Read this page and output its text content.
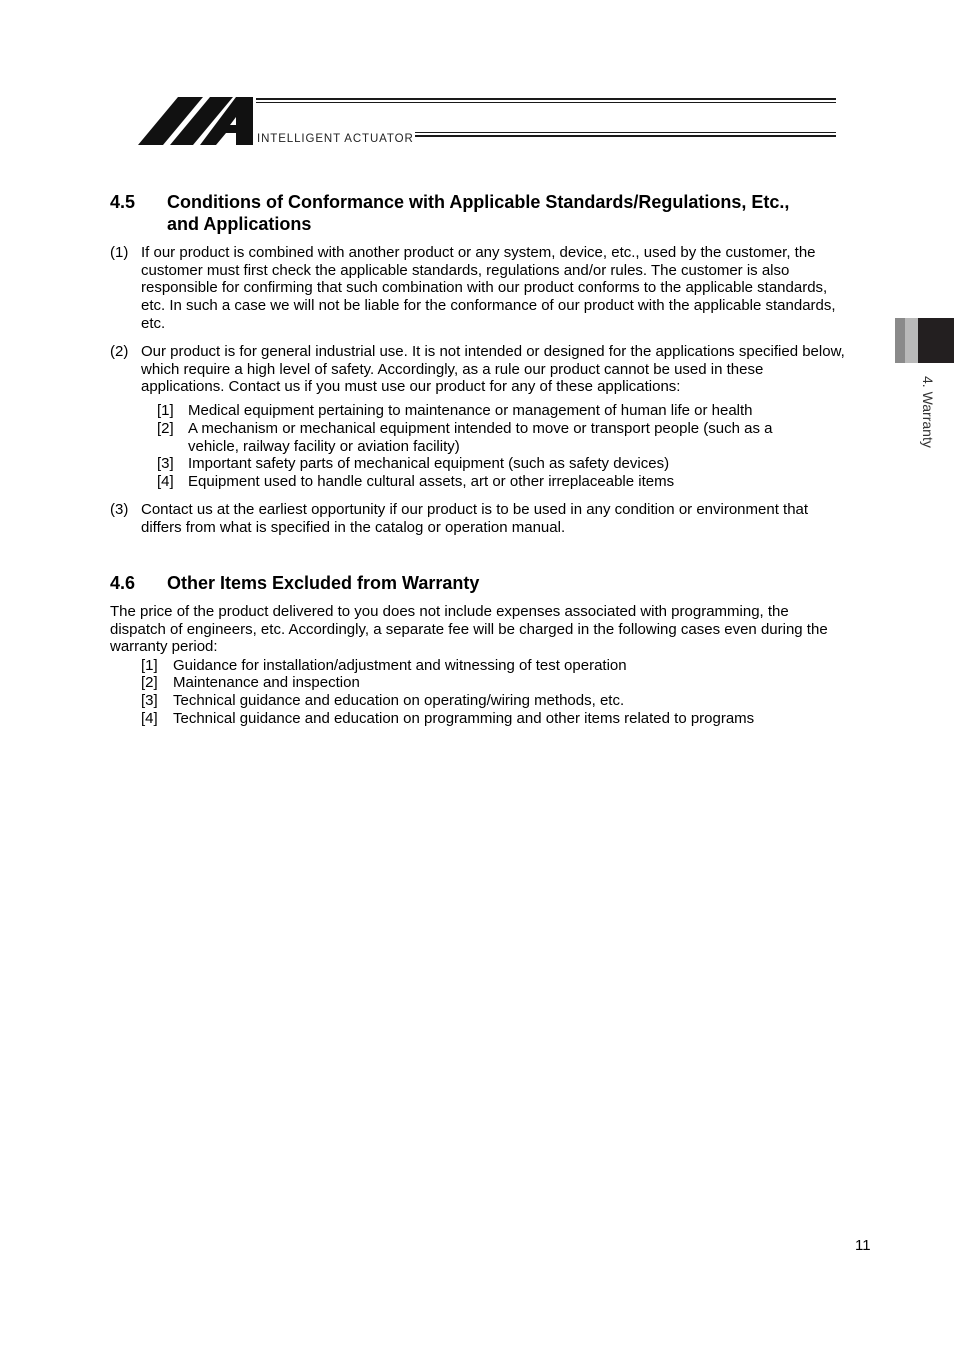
INTELLIGENT ACTUATOR
4. Warranty
4.5 Conditions of Conformance with Applicable Standards/Regulations, Etc.,
and Applications
(1) If our product is combined with another product or any system, device, etc., used by the customer, the customer must first check the applicable standards, regulations and/or rules. The customer is also responsible for confirming that such combination with our product conforms to the applicable standards, etc. In such a case we will not be liable for the conformance of our product with the applicable standards, etc.
(2) Our product is for general industrial use. It is not intended or designed for the applications specified below, which require a high level of safety. Accordingly, as a rule our product cannot be used in these applications. Contact us if you must use our product for any of these applications:
[1] Medical equipment pertaining to maintenance or management of human life or health
[2] A mechanism or mechanical equipment intended to move or transport people (such as a
vehicle, railway facility or aviation facility)
[3] Important safety parts of mechanical equipment (such as safety devices)
[4] Equipment used to handle cultural assets, art or other irreplaceable items
(3) Contact us at the earliest opportunity if our product is to be used in any condition or environment that differs from what is specified in the catalog or operation manual.
4.6 Other Items Excluded from Warranty
The price of the product delivered to you does not include expenses associated with programming, the dispatch of engineers, etc. Accordingly, a separate fee will be charged in the following cases even during the warranty period:
[1] Guidance for installation/adjustment and witnessing of test operation
[2] Maintenance and inspection
[3] Technical guidance and education on operating/wiring methods, etc.
[4] Technical guidance and education on programming and other items related to programs
11
